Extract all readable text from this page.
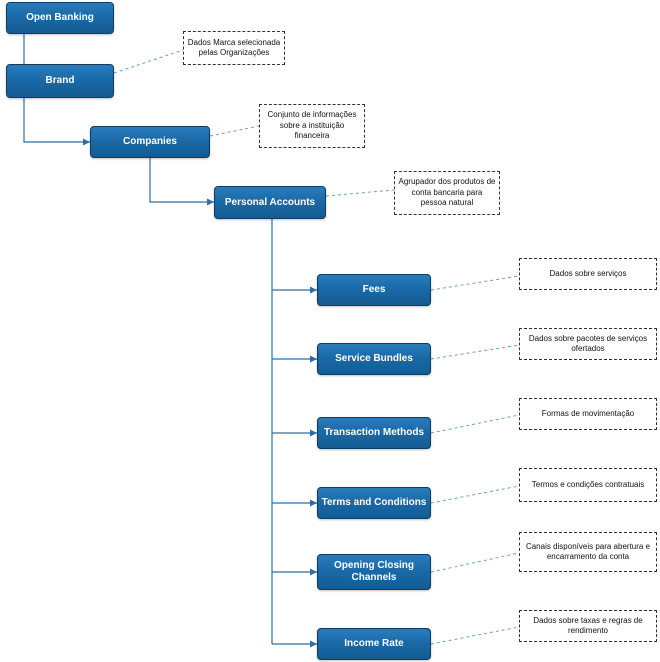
Open Banking
Brand
Companies
Personal Accounts
Fees
Service Bundles
Transaction Methods
Terms and Conditions
Opening Closing Channels
Income Rate
Dados Marca selecionada pelas Organizações
Conjunto de informações sobre a instituição financeira
Agrupador dos produtos de conta bancaria para pessoa natural
Dados sobre serviços
Dados sobre pacotes de serviços ofertados
Formas de movimentação
Termos e condições contratuais
Canais disponíveis para abertura e encarramento da conta
Dados sobre taxas e regras de rendimento
